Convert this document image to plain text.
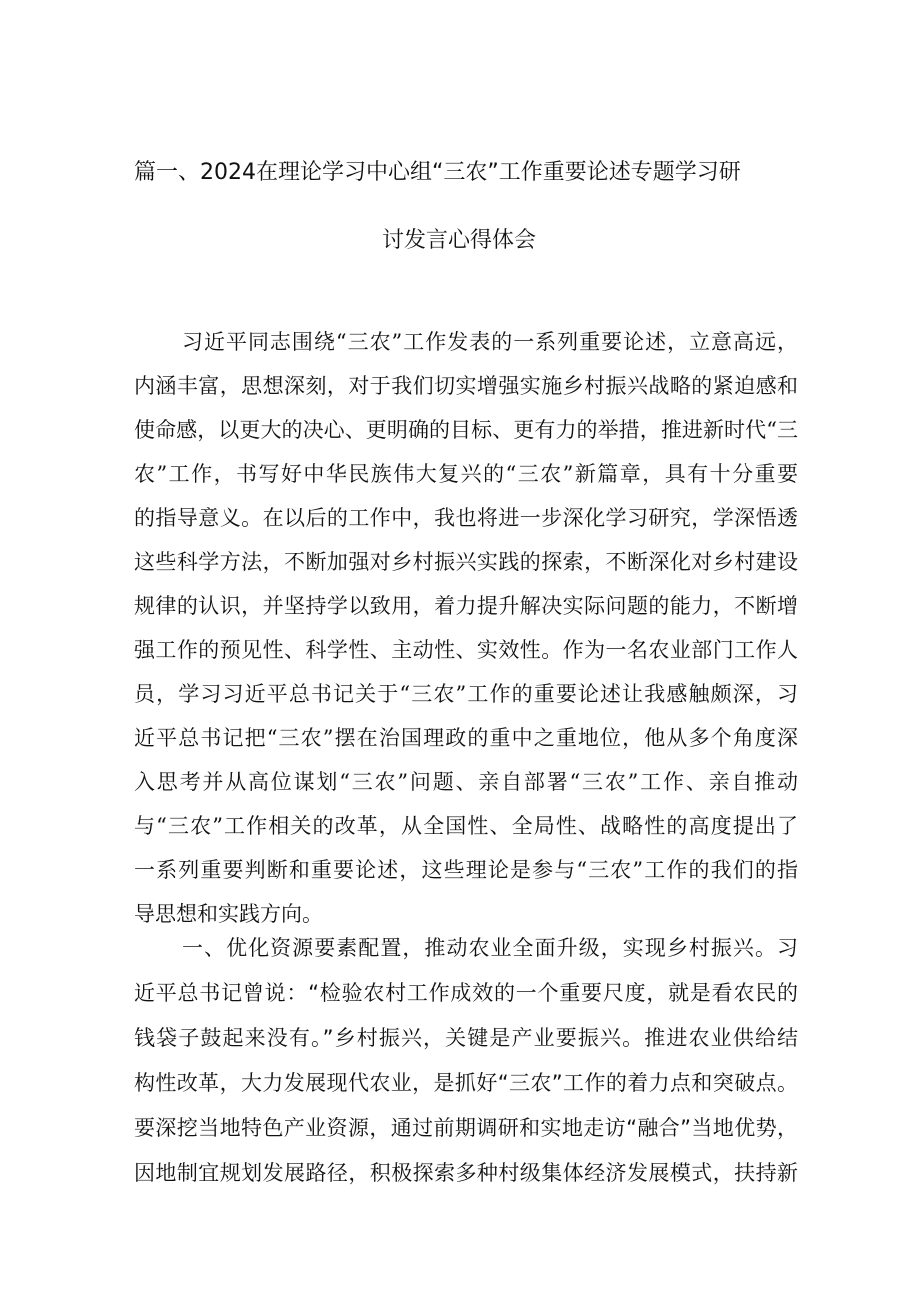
篇一、2024在理论学习中心组“三农”工作重要论述专题学习研
讨发言心得体会
习近平同志围绕“三农”工作发表的一系列重要论述，立意高远，
内涵丰富，思想深刻，对于我们切实增强实施乡村振兴战略的紧迫感和
使命感，以更大的决心、更明确的目标、更有力的举措，推进新时代“三
农”工作，书写好中华民族伟大复兴的“三农”新篇章，具有十分重要
的指导意义。在以后的工作中，我也将进一步深化学习研究，学深悟透
这些科学方法，不断加强对乡村振兴实践的探索，不断深化对乡村建设
规律的认识，并坚持学以致用，着力提升解决实际问题的能力，不断增
强工作的预见性、科学性、主动性、实效性。作为一名农业部门工作人
员，学习习近平总书记关于“三农”工作的重要论述让我感触颇深，习
近平总书记把“三农”摆在治国理政的重中之重地位，他从多个角度深
入思考并从高位谋划“三农”问题、亲自部署“三农”工作、亲自推动
与“三农”工作相关的改革，从全国性、全局性、战略性的高度提出了
一系列重要判断和重要论述，这些理论是参与“三农”工作的我们的指
导思想和实践方向。
一、优化资源要素配置，推动农业全面升级，实现乡村振兴。习
近平总书记曾说：“检验农村工作成效的一个重要尺度，就是看农民的
钱袋子鼓起来没有。”乡村振兴，关键是产业要振兴。推进农业供给结
构性改革，大力发展现代农业，是抓好“三农”工作的着力点和突破点。
要深挖当地特色产业资源，通过前期调研和实地走访“融合”当地优势，
因地制宜规划发展路径，积极探索多种村级集体经济发展模式，扶持新
